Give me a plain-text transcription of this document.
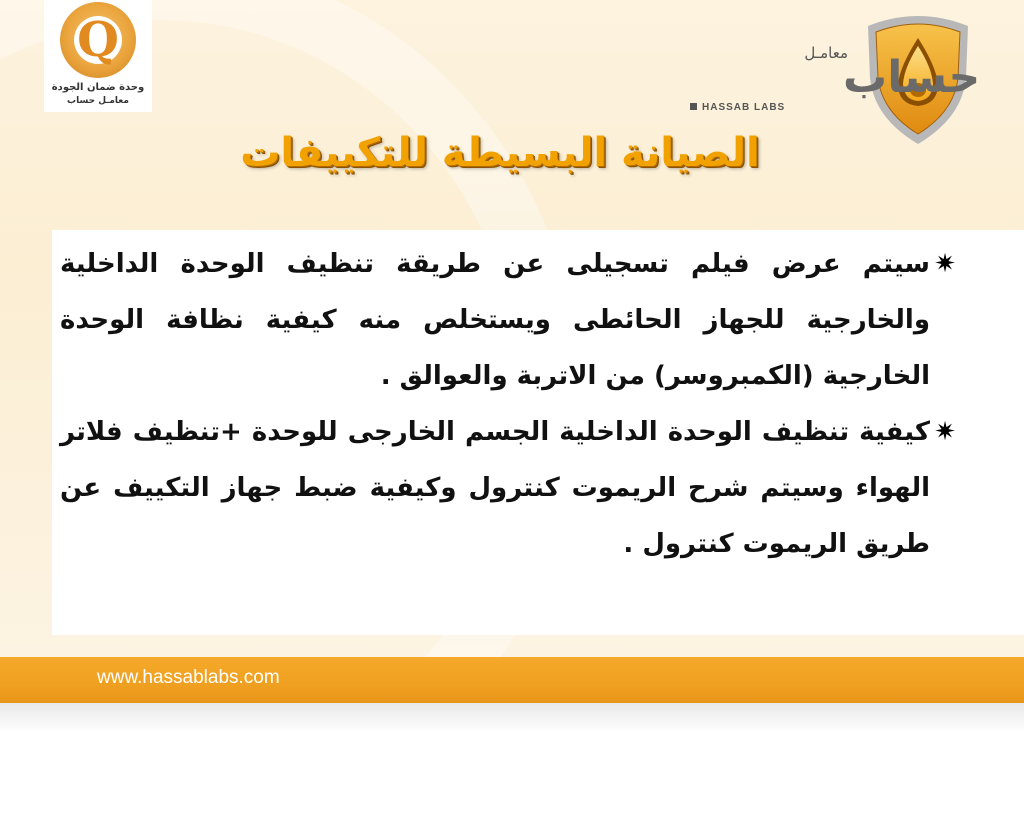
Q
وحدة ضمان الجودة
معامـل حساب	حساب
معامـل
HASSAB LABS
الصيانة البسيطة للتكييفات
✷
سيتم عرض فيلم تسجيلى عن طريقة تنظيف الوحدة الداخلية والخارجية للجهاز الحائطى ويستخلص منه كيفية نظافة الوحدة الخارجية (الكمبروسر) من الاتربة والعوالق .
✷
كيفية تنظيف الوحدة الداخلية الجسم الخارجى للوحدة +تنظيف فلاتر الهواء وسيتم شرح الريموت كنترول وكيفية ضبط جهاز التكييف عن طريق الريموت كنترول .
www.hassablabs.com
